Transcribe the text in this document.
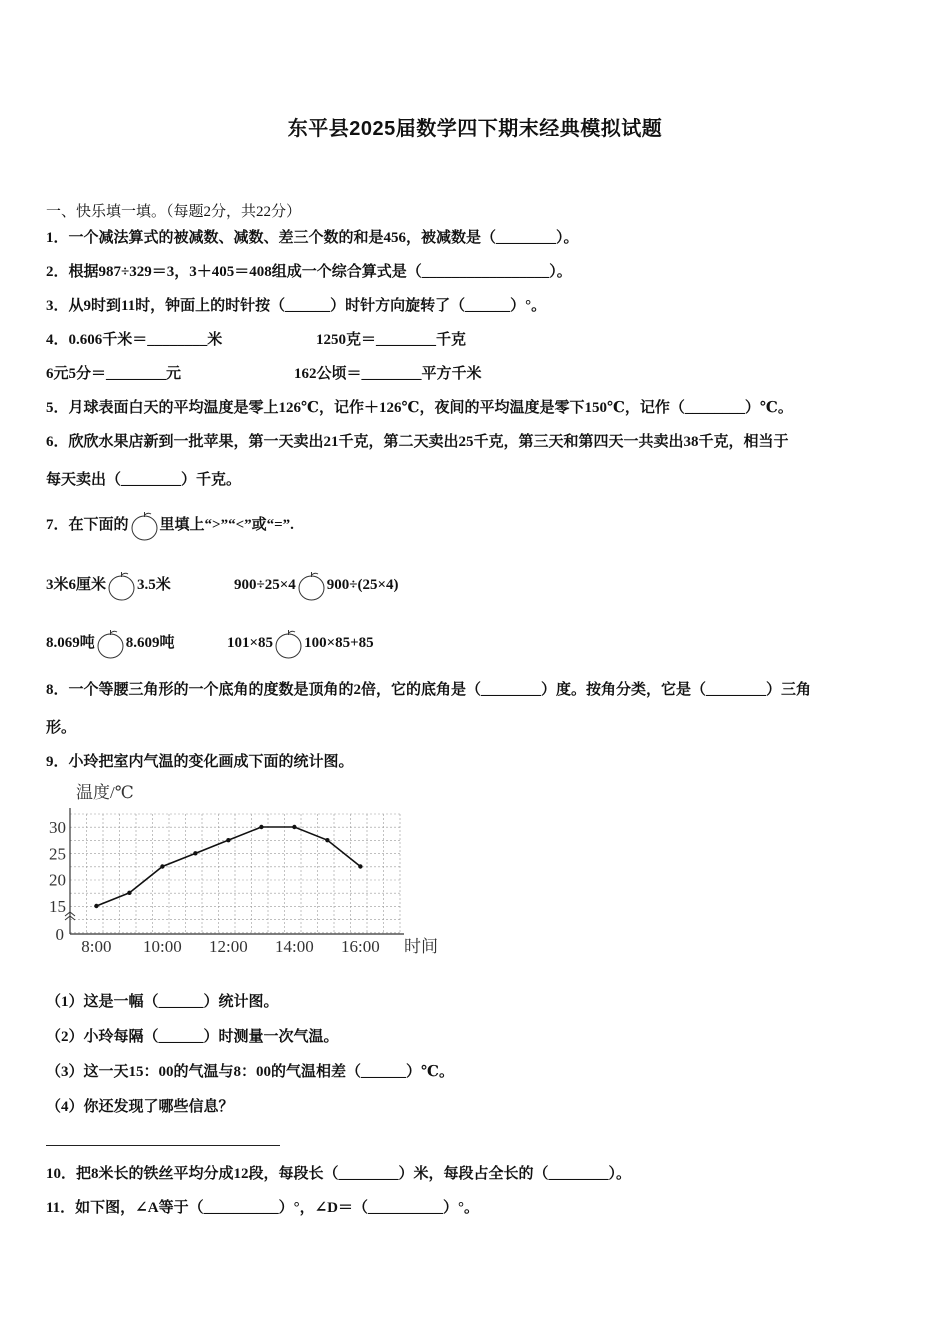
东平县2025届数学四下期末经典模拟试题
一、快乐填一填。（每题2分，共22分）
1．一个减法算式的被减数、减数、差三个数的和是456，被减数是（________）。
2．根据987÷329＝3，3＋405＝408组成一个综合算式是（_________________）。
3．从9时到11时，钟面上的时针按（______）时针方向旋转了（______）°。
4．0.606千米＝________米	1250克＝________千克
6元5分＝________元	162公顷＝________平方千米
5．月球表面白天的平均温度是零上126℃，记作＋126℃，夜间的平均温度是零下150℃，记作（________）℃。
6．欣欣水果店新到一批苹果，第一天卖出21千克，第二天卖出25千克，第三天和第四天一共卖出38千克，相当于
每天卖出（________）千克。
7．在下面的 里填上“>”“<”或“=”.
3米6厘米 3.5米	900÷25×4 900÷(25×4)
8.069吨 8.609吨	101×85 100×85+85
8．一个等腰三角形的一个底角的度数是顶角的2倍，它的底角是（________）度。按角分类，它是（________）三角
形。
9．小玲把室内气温的变化画成下面的统计图。
30
25
20
15
0
8:00 10:00 12:00 14:00 16:00
温度/℃
时间
（1）这是一幅（______）统计图。
（2）小玲每隔（______）时测量一次气温。
（3）这一天15：00的气温与8：00的气温相差（______）℃。
（4）你还发现了哪些信息？
10．把8米长的铁丝平均分成12段，每段长（________）米，每段占全长的（________）。
11．如下图，∠A等于（__________）°，∠D＝（__________）°。
